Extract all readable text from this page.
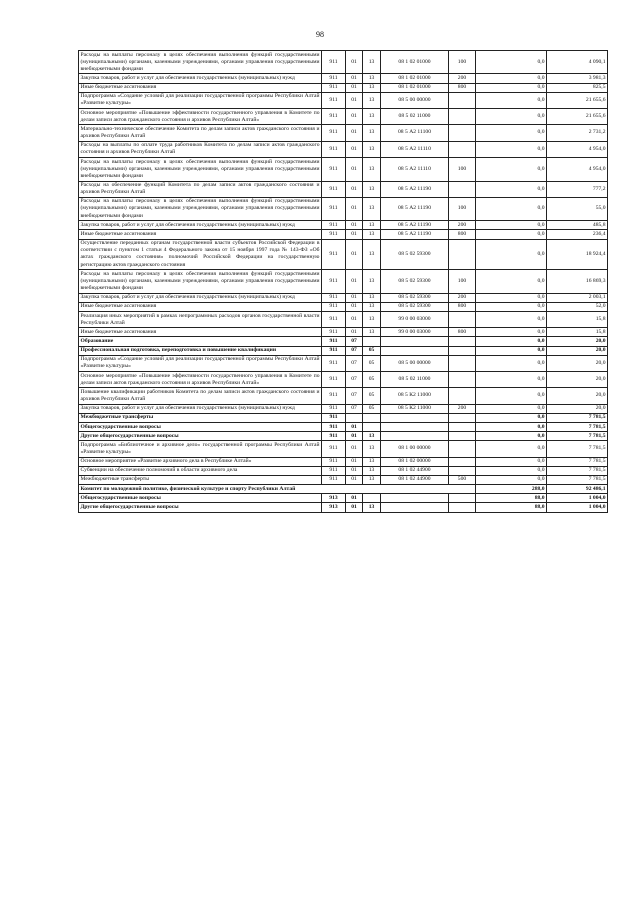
98
Расходы на выплаты персоналу в целях обеспечения выполнения функций государственными (муниципальными) органами, казенными учреждениями, органами управления государственными внебюджетными фондами	911	01	13	08 1 02 01000	100	0,0	4 090,1
Закупка товаров, работ и услуг для обеспечения государственных (муниципальных) нужд	911	01	13	08 1 02 01000	200	0,0	3 981,3
Иные бюджетные ассигнования	911	01	13	08 1 02 01000	800	0,0	825,5
Подпрограмма «Создание условий для реализации государственной программы Республики Алтай «Развитие культуры»	911	01	13	08 5 00 00000		0,0	21 655,6
Основное мероприятие «Повышение эффективности государственного управления в Комитете по делам записи актов гражданского состояния и архивов Республики Алтай»	911	01	13	08 5 02 11000		0,0	21 655,6
Материально-техническое обеспечение Комитета по делам записи актов гражданского состояния и архивов Республики Алтай	911	01	13	08 5 А2 11100		0,0	2 731,2
Расходы на выплаты по оплате труда работников Комитета по делам записи актов гражданского состояния и архивов Республики Алтай	911	01	13	08 5 А2 11110		0,0	4 954,0
Расходы на выплаты персоналу в целях обеспечения выполнения функций государственными (муниципальными) органами, казенными учреждениями, органами управления государственными внебюджетными фондами	911	01	13	08 5 А2 11110	100	0,0	4 954,0
Расходы на обеспечение функций Комитета по делам записи актов гражданского состояния и архивов Республики Алтай	911	01	13	08 5 А2 11190		0,0	777,2
Расходы на выплаты персоналу в целях обеспечения выполнения функций государственными (муниципальными) органами, казенными учреждениями, органами управления государственными внебюджетными фондами	911	01	13	08 5 А2 11190	100	0,0	55,0
Закупка товаров, работ и услуг для обеспечения государственных (муниципальных) нужд	911	01	13	08 5 А2 11190	200	0,0	485,8
Иные бюджетные ассигнования	911	01	13	08 5 А2 11190	800	0,0	236,4
Осуществление переданных органам государственной власти субъектов Российской Федерации в соответствии с пунктом 1 статьи 4 Федерального закона от 15 ноября 1997 года № 143-ФЗ «Об актах гражданского состояния» полномочий Российской Федерации на государственную регистрацию актов гражданского состояния	911	01	13	08 5 02 59300		0,0	18 924,4
Расходы на выплаты персоналу в целях обеспечения выполнения функций государственными (муниципальными) органами, казенными учреждениями, органами управления государственными внебюджетными фондами	911	01	13	08 5 02 59300	100	0,0	16 869,3
Закупка товаров, работ и услуг для обеспечения государственных (муниципальных) нужд	911	01	13	08 5 02 59300	200	0,0	2 003,1
Иные бюджетные ассигнования	911	01	13	08 5 02 59300	800	0,0	52,0
Реализация иных мероприятий в рамках непрограммных расходов органов государственной власти Республики Алтай	911	01	13	99 0 00 03000		0,0	15,8
Иные бюджетные ассигнования	911	01	13	99 0 00 03000	800	0,0	15,8
Образование	911	07				0,0	20,0
Профессиональная подготовка, переподготовка и повышение квалификации	911	07	05			0,0	20,0
Подпрограмма «Создание условий для реализации государственной программы Республики Алтай «Развитие культуры»	911	07	05	08 5 00 00000		0,0	20,0
Основное мероприятие «Повышение эффективности государственного управления в Комитете по делам записи актов гражданского состояния и архивов Республики Алтай»	911	07	05	08 5 02 11000		0,0	20,0
Повышение квалификации работников Комитета по делам записи актов гражданского состояния и архивов Республики Алтай	911	07	05	08 5 К2 11000		0,0	20,0
Закупка товаров, работ и услуг для обеспечения государственных (муниципальных) нужд	911	07	05	08 5 К2 11000	200	0,0	20,0
Межбюджетные трансферты	911					0,0	7 781,5
Общегосударственные вопросы	911	01				0,0	7 781,5
Другие общегосударственные вопросы	911	01	13			0,0	7 781,5
Подпрограмма «Библиотечное и архивное дело» государственной программы Республики Алтай «Развитие культуры»	911	01	13	08 1 00 00000		0,0	7 781,5
Основное мероприятие «Развитие архивного дела в Республике Алтай»	911	01	13	08 1 02 00000		0,0	7 781,5
Субвенции на обеспечение полномочий в области архивного дела	911	01	13	08 1 02 44900		0,0	7 781,5
Межбюджетные трансферты	911	01	13	08 1 02 44900	500	0,0	7 781,5
Комитет по молодежной политике, физической культуре и спорту Республики Алтай						288,0	92 486,1
Общегосударственные вопросы	913	01				88,0	1 004,0
Другие общегосударственные вопросы	913	01	13			88,0	1 004,0
